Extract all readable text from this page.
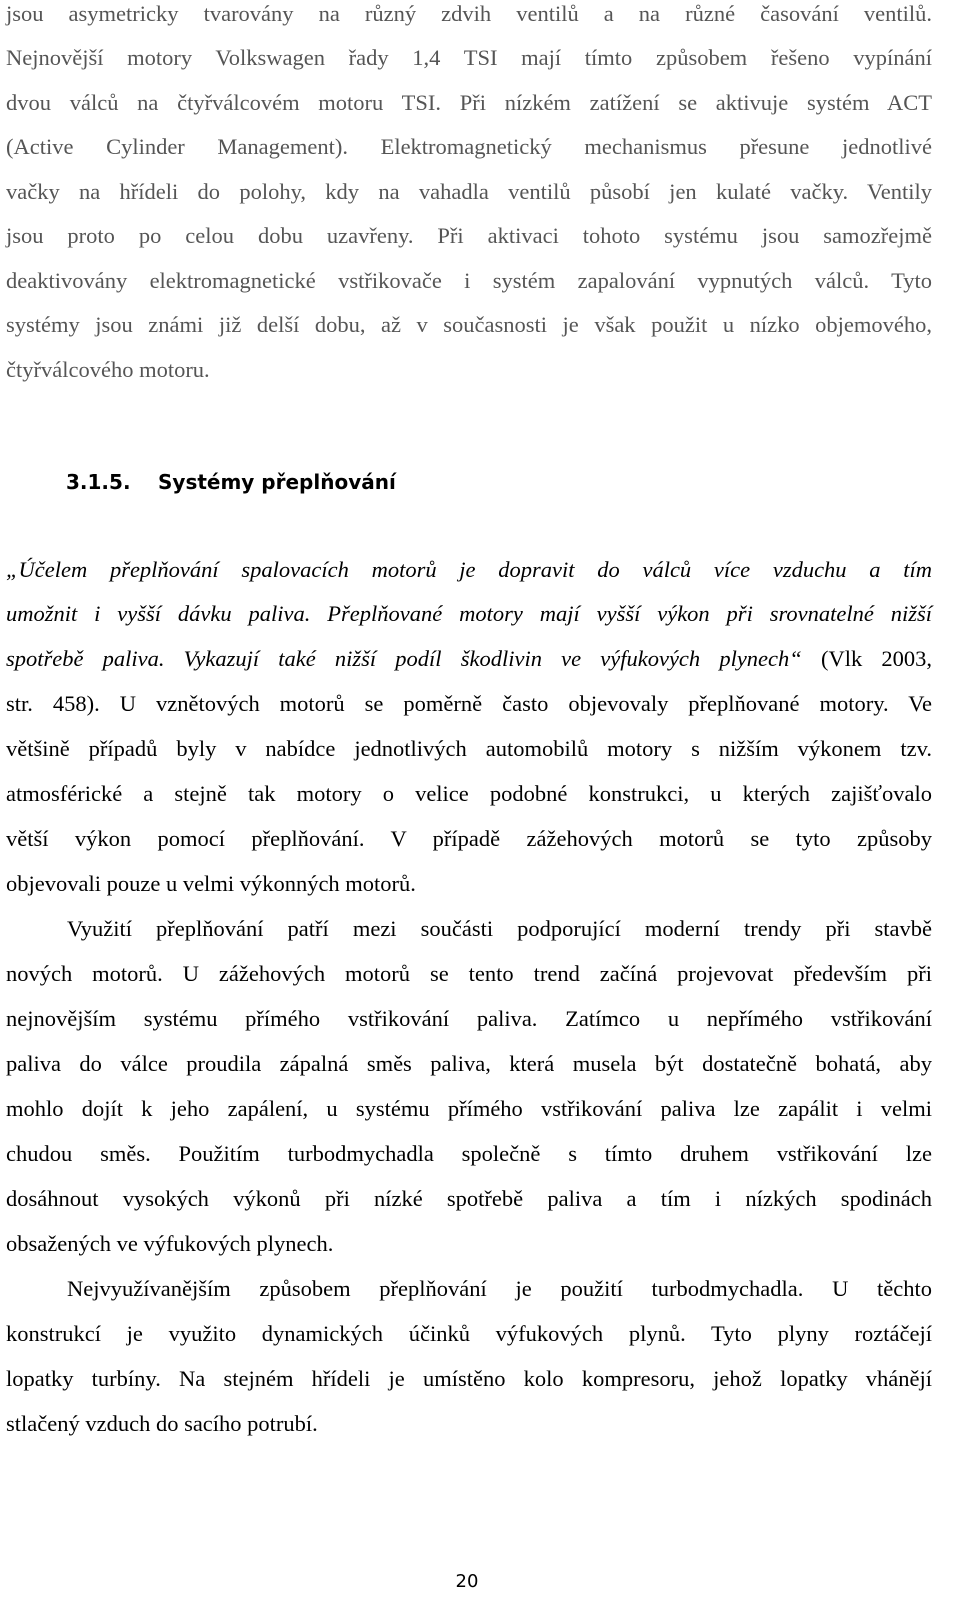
jsou asymetricky tvarovány na různý zdvih ventilů a na různé časování ventilů.

Nejnovější motory Volkswagen řady 1,4 TSI mají tímto způsobem řešeno vypínání

dvou válců na čtyřválcovém motoru TSI. Při nízkém zatížení se aktivuje systém ACT

(Active Cylinder Management). Elektromagnetický mechanismus přesune jednotlivé

vačky na hřídeli do polohy, kdy na vahadla ventilů působí jen kulaté vačky. Ventily

jsou proto po celou dobu uzavřeny. Při aktivaci tohoto systému jsou samozřejmě

deaktivovány elektromagnetické vstřikovače i systém zapalování vypnutých válců. Tyto

systémy jsou známi již delší dobu, až v současnosti je však použit u nízko objemového,

čtyřválcového motoru.

3.1.5. Systémy přeplňování

„Účelem přeplňování spalovacích motorů je dopravit do válců více vzduchu a tím

umožnit i vyšší dávku paliva. Přeplňované motory mají vyšší výkon při srovnatelné nižší

spotřebě paliva. Vykazují také nižší podíl škodlivin ve výfukových plynech“ (Vlk 2003,

str. 458). U vznětových motorů se poměrně často objevovaly přeplňované motory. Ve

většině případů byly v nabídce jednotlivých automobilů motory s nižším výkonem tzv.

atmosférické a stejně tak motory o velice podobné konstrukci, u kterých zajišťovalo

větší výkon pomocí přeplňování. V případě zážehových motorů se tyto způsoby

objevovali pouze u velmi výkonných motorů.

Využití přeplňování patří mezi součásti podporující moderní trendy při stavbě

nových motorů. U zážehových motorů se tento trend začíná projevovat především při

nejnovějším systému přímého vstřikování paliva. Zatímco u nepřímého vstřikování

paliva do válce proudila zápalná směs paliva, která musela být dostatečně bohatá, aby

mohlo dojít k jeho zapálení, u systému přímého vstřikování paliva lze zapálit i velmi

chudou směs. Použitím turbodmychadla společně s tímto druhem vstřikování lze

dosáhnout vysokých výkonů při nízké spotřebě paliva a tím i nízkých spodinách

obsažených ve výfukových plynech.

Nejvyužívanějším způsobem přeplňování je použití turbodmychadla. U těchto

konstrukcí je využito dynamických účinků výfukových plynů. Tyto plyny roztáčejí

lopatky turbíny. Na stejném hřídeli je umístěno kolo kompresoru, jehož lopatky vhánějí

stlačený vzduch do sacího potrubí.

20
